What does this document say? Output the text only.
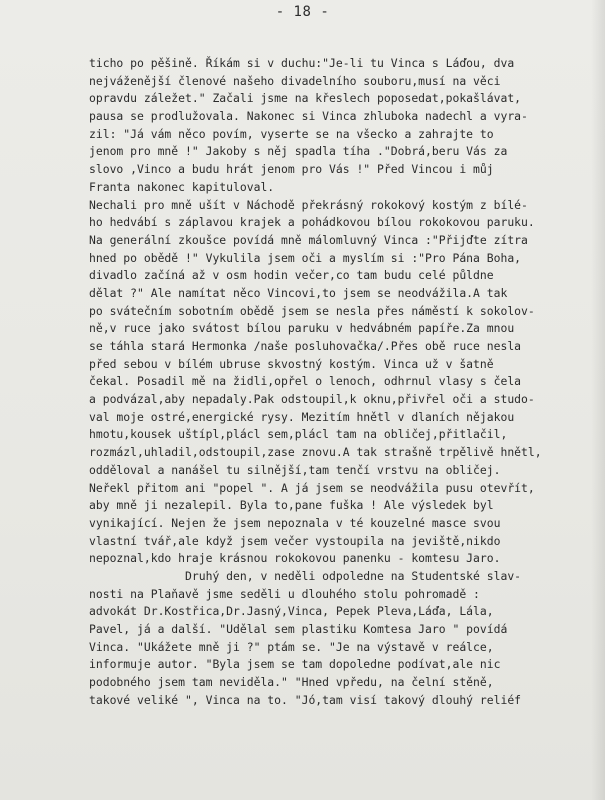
- 18 -
ticho po pěšině. Říkám si v duchu:"Je-li tu Vinca s Láďou, dva
nejváženější členové našeho divadelního souboru,musí na věci
opravdu záležet." Začali jsme na křeslech poposedat,pokašlávat,
pausa se prodlužovala. Nakonec si Vinca zhluboka nadechl a vyra-
zil: "Já vám něco povím, vyserte se na všecko a zahrajte to
jenom pro mně !" Jakoby s něj spadla tíha ."Dobrá,beru Vás za
slovo ,Vinco a budu hrát jenom pro Vás !" Před Vincou i můj
Franta nakonec kapituloval.
Nechali pro mně ušít v Náchodě překrásný rokokový kostým z bílé-
ho hedvábí s záplavou krajek a pohádkovou bílou rokokovou paruku.
Na generální zkoušce povídá mně málomluvný Vinca :"Přijďte zítra
hned po obědě !" Vykulila jsem oči a myslím si :"Pro Pána Boha,
divadlo začíná až v osm hodin večer,co tam budu celé půldne
dělat ?" Ale namítat něco Vincovi,to jsem se neodvážila.A tak
po svátečním sobotním obědě jsem se nesla přes náměstí k sokolov-
ně,v ruce jako svátost bílou paruku v hedvábném papíře.Za mnou
se táhla stará Hermonka /naše posluhovačka/.Přes obě ruce nesla
před sebou v bílém ubruse skvostný kostým. Vinca už v šatně
čekal. Posadil mě na židli,opřel o lenoch, odhrnul vlasy s čela
a podvázal,aby nepadaly.Pak odstoupil,k oknu,přivřel oči a studo-
val moje ostré,energické rysy. Mezitím hnětl v dlaních nějakou
hmotu,kousek uštípl,plácl sem,plácl tam na obličej,přitlačil,
rozmázl,uhladil,odstoupil,zase znovu.A tak strašně trpělivě hnětl,
odděloval a nanášel tu silnější,tam tenčí vrstvu na obličej.
Neřekl přitom ani "popel ". A já jsem se neodvážila pusu otevřít,
aby mně ji nezalepil. Byla to,pane fuška ! Ale výsledek byl
vynikající. Nejen že jsem nepoznala v té kouzelné masce svou
vlastní tvář,ale když jsem večer vystoupila na jeviště,nikdo
nepoznal,kdo hraje krásnou rokokovou panenku - komtesu Jaro.
Druhý den, v neděli odpoledne na Studentské slav-
nosti na Plaňavě jsme seděli u dlouhého stolu pohromadě :
advokát Dr.Kostřica,Dr.Jasný,Vinca, Pepek Pleva,Láďa, Lála,
Pavel, já a další. "Udělal sem plastiku Komtesa Jaro " povídá
Vinca. "Ukážete mně ji ?" ptám se. "Je na výstavě v reálce,
informuje autor. "Byla jsem se tam dopoledne podívat,ale nic
podobného jsem tam neviděla." "Hned vpředu, na čelní stěně,
takové veliké ", Vinca na to. "Jó,tam visí takový dlouhý reliéf
